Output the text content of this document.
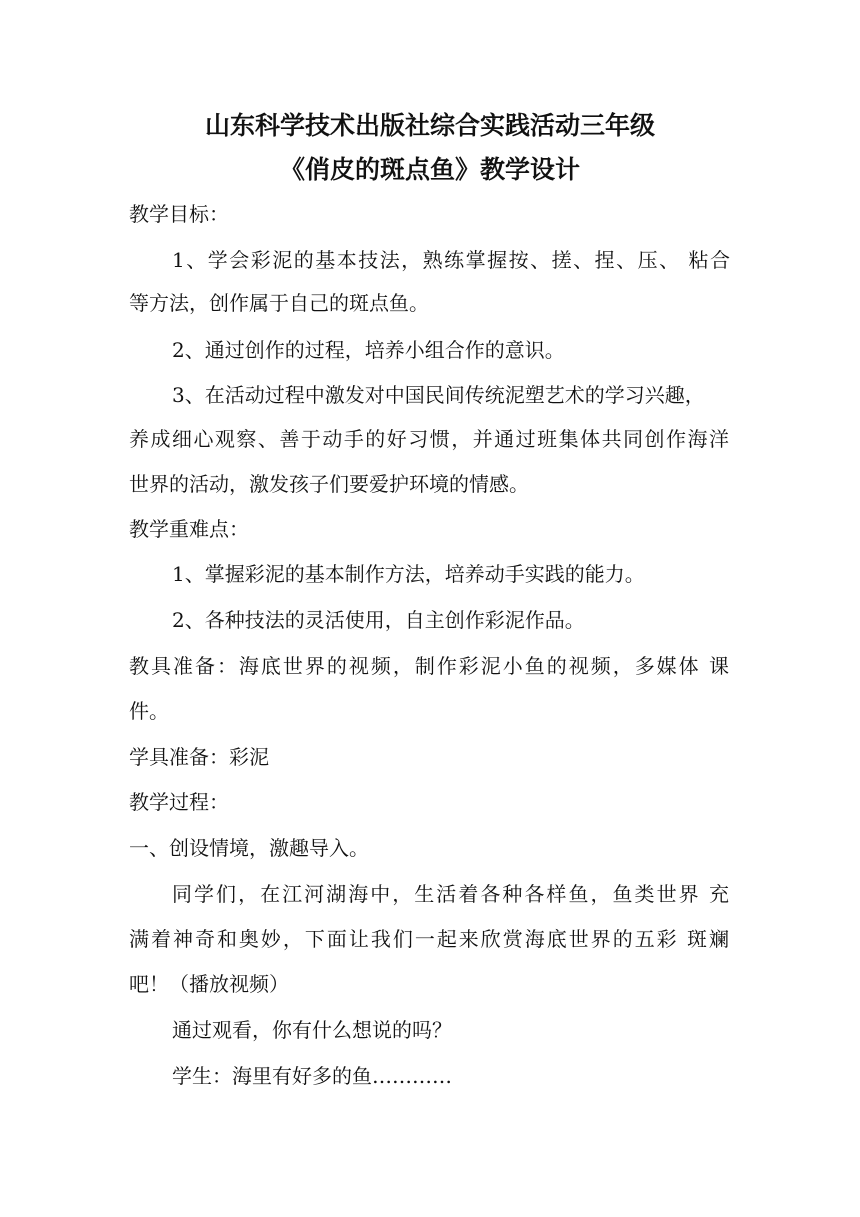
山东科学技术出版社综合实践活动三年级
《俏皮的斑点鱼》教学设计
教学目标：
1、学会彩泥的基本技法，熟练掌握按、搓、捏、压、 粘合
等方法，创作属于自己的斑点鱼。
2、通过创作的过程，培养小组合作的意识。
3、在活动过程中激发对中国民间传统泥塑艺术的学习兴趣，
养成细心观察、善于动手的好习惯，并通过班集体共同创作海洋
世界的活动，激发孩子们要爱护环境的情感。
教学重难点：
1、掌握彩泥的基本制作方法，培养动手实践的能力。
2、各种技法的灵活使用，自主创作彩泥作品。
教具准备：海底世界的视频，制作彩泥小鱼的视频，多媒体 课
件。
学具准备：彩泥
教学过程：
一、创设情境，激趣导入。
同学们，在江河湖海中，生活着各种各样鱼，鱼类世界 充
满着神奇和奥妙，下面让我们一起来欣赏海底世界的五彩 斑斓
吧！（播放视频）
通过观看，你有什么想说的吗？
学生：海里有好多的鱼…………
